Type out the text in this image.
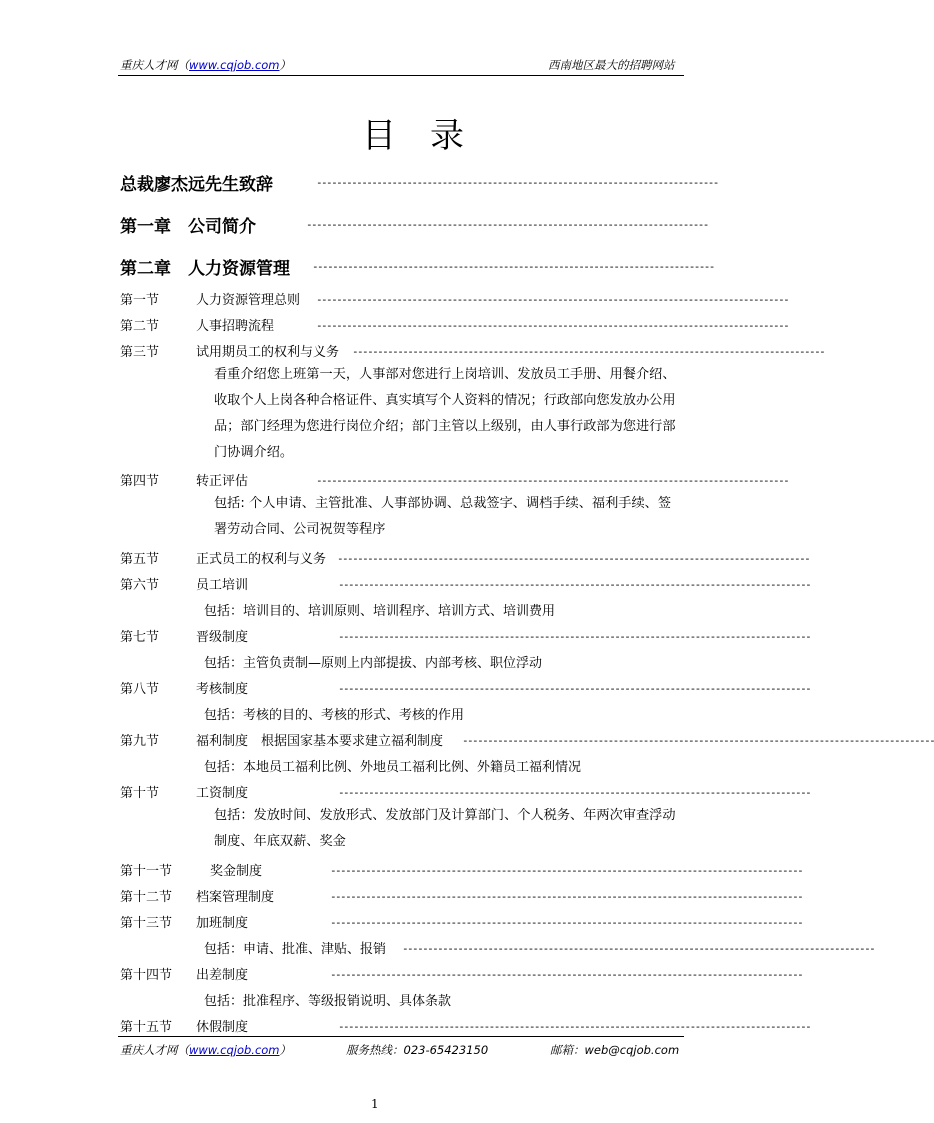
重庆人才网（www.cqjob.com）	西南地区最大的招聘网站
目录
总裁廖杰远先生致辞	--------------------------------------------------------------------------------
第一章　公司简介	--------------------------------------------------------------------------------
第二章　人力资源管理 --------------------------------------------------------------------------------
第一节	人力资源管理总则 ----------------------------------------------------------------------------------------------
第二节	人事招聘流程	----------------------------------------------------------------------------------------------
第三节	试用期员工的权利与义务 ----------------------------------------------------------------------------------------------
看重介绍您上班第一天，人事部对您进行上岗培训、发放员工手册、用餐介绍、收取个人上岗各种合格证件、真实填写个人资料的情况；行政部向您发放办公用品；部门经理为您进行岗位介绍；部门主管以上级别，由人事行政部为您进行部门协调介绍。
第四节	转正评估	----------------------------------------------------------------------------------------------
包括: 个人申请、主管批准、人事部协调、总裁签字、调档手续、福利手续、签署劳动合同、公司祝贺等程序
第五节	正式员工的权利与义务 ----------------------------------------------------------------------------------------------
第六节	员工培训	----------------------------------------------------------------------------------------------
包括：培训目的、培训原则、培训程序、培训方式、培训费用
第七节	晋级制度	----------------------------------------------------------------------------------------------
包括：主管负责制—原则上内部提拔、内部考核、职位浮动
第八节	考核制度	----------------------------------------------------------------------------------------------
包括：考核的目的、考核的形式、考核的作用
第九节	福利制度　根据国家基本要求建立福利制度 ----------------------------------------------------------------------------------------------
包括：本地员工福利比例、外地员工福利比例、外籍员工福利情况
第十节	工资制度	----------------------------------------------------------------------------------------------
包括：发放时间、发放形式、发放部门及计算部门、个人税务、年两次审查浮动制度、年底双薪、奖金
第十一节	奖金制度	----------------------------------------------------------------------------------------------
第十二节 档案管理制度	----------------------------------------------------------------------------------------------
第十三节 加班制度	----------------------------------------------------------------------------------------------
包括：申请、批准、津贴、报销 ----------------------------------------------------------------------------------------------
第十四节 出差制度	----------------------------------------------------------------------------------------------
包括：批准程序、等级报销说明、具体条款
第十五节 休假制度	----------------------------------------------------------------------------------------------
重庆人才网（www.cqjob.com）	服务热线：023-65423150	邮箱：web@cqjob.com
1
